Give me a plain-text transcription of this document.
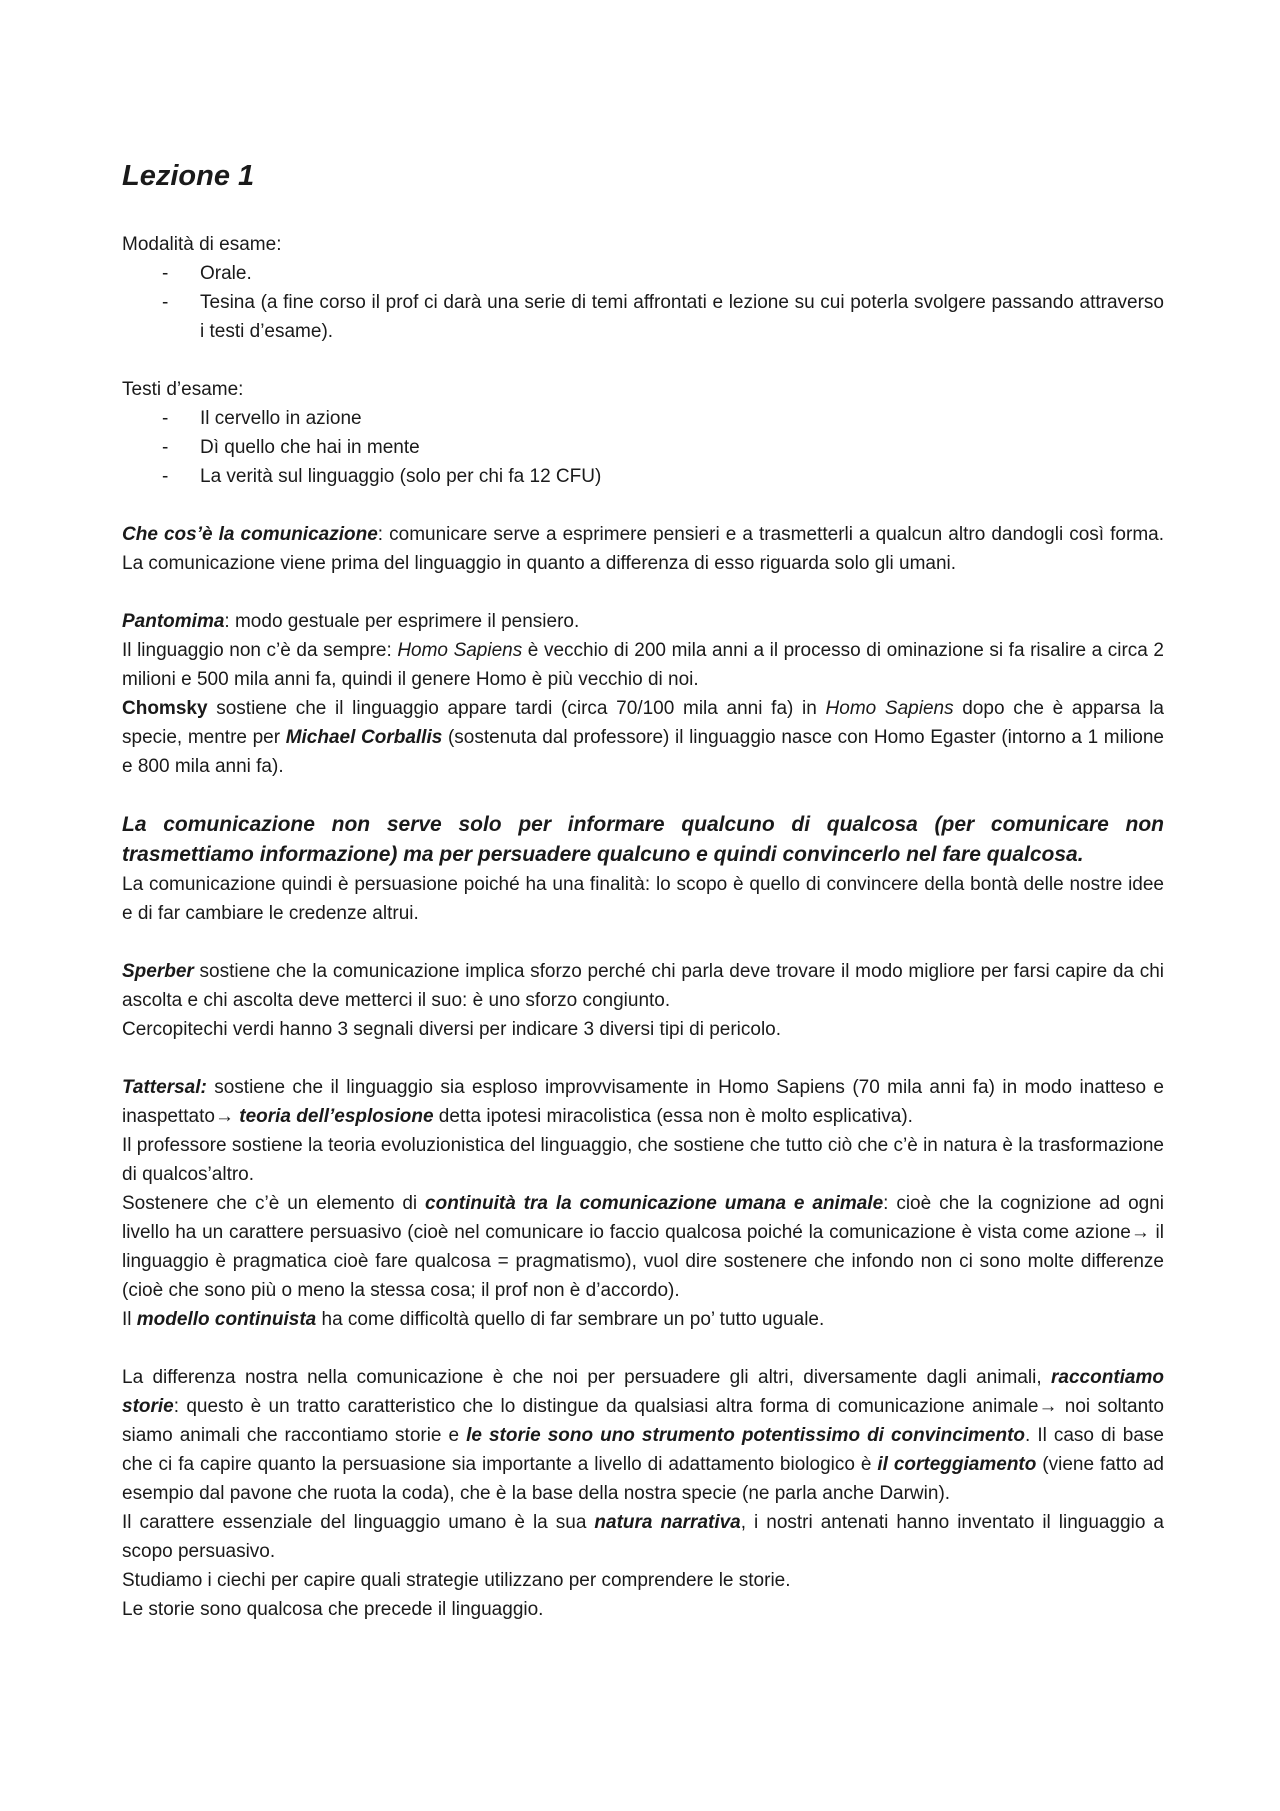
Lezione 1
Modalità di esame:
- Orale.
- Tesina (a fine corso il prof ci darà una serie di temi affrontati e lezione su cui poterla svolgere passando attraverso i testi d’esame).
Testi d’esame:
- Il cervello in azione
- Dì quello che hai in mente
- La verità sul linguaggio (solo per chi fa 12 CFU)

Che cos’è la comunicazione: comunicare serve a esprimere pensieri e a trasmetterli a qualcun altro dandogli così forma. La comunicazione viene prima del linguaggio in quanto a differenza di esso riguarda solo gli umani.

Pantomima: modo gestuale per esprimere il pensiero.

Il linguaggio non c’è da sempre: Homo Sapiens è vecchio di 200 mila anni a il processo di ominazione si fa risalire a circa 2 milioni e 500 mila anni fa, quindi il genere Homo è più vecchio di noi.

Chomsky sostiene che il linguaggio appare tardi (circa 70/100 mila anni fa) in Homo Sapiens dopo che è apparsa la specie, mentre per Michael Corballis (sostenuta dal professore) il linguaggio nasce con Homo Egaster (intorno a 1 milione e 800 mila anni fa).

La comunicazione non serve solo per informare qualcuno di qualcosa (per comunicare non trasmettiamo informazione) ma per persuadere qualcuno e quindi convincerlo nel fare qualcosa.

La comunicazione quindi è persuasione poiché ha una finalità: lo scopo è quello di convincere della bontà delle nostre idee e di far cambiare le credenze altrui.

Sperber sostiene che la comunicazione implica sforzo perché chi parla deve trovare il modo migliore per farsi capire da chi ascolta e chi ascolta deve metterci il suo: è uno sforzo congiunto.

Cercopitechi verdi hanno 3 segnali diversi per indicare 3 diversi tipi di pericolo.

Tattersal: sostiene che il linguaggio sia esploso improvvisamente in Homo Sapiens (70 mila anni fa) in modo inatteso e inaspettato→ teoria dell’esplosione detta ipotesi miracolistica (essa non è molto esplicativa).

Il professore sostiene la teoria evoluzionistica del linguaggio, che sostiene che tutto ciò che c’è in natura è la trasformazione di qualcos’altro.

Sostenere che c’è un elemento di continuità tra la comunicazione umana e animale: cioè che la cognizione ad ogni livello ha un carattere persuasivo (cioè nel comunicare io faccio qualcosa poiché la comunicazione è vista come azione→ il linguaggio è pragmatica cioè fare qualcosa = pragmatismo), vuol dire sostenere che infondo non ci sono molte differenze (cioè che sono più o meno la stessa cosa; il prof non è d’accordo).

Il modello continuista ha come difficoltà quello di far sembrare un po’ tutto uguale.

La differenza nostra nella comunicazione è che noi per persuadere gli altri, diversamente dagli animali, raccontiamo storie: questo è un tratto caratteristico che lo distingue da qualsiasi altra forma di comunicazione animale→ noi soltanto siamo animali che raccontiamo storie e le storie sono uno strumento potentissimo di convincimento. Il caso di base che ci fa capire quanto la persuasione sia importante a livello di adattamento biologico è il corteggiamento (viene fatto ad esempio dal pavone che ruota la coda), che è la base della nostra specie (ne parla anche Darwin).

Il carattere essenziale del linguaggio umano è la sua natura narrativa, i nostri antenati hanno inventato il linguaggio a scopo persuasivo.

Studiamo i ciechi per capire quali strategie utilizzano per comprendere le storie.

Le storie sono qualcosa che precede il linguaggio.
